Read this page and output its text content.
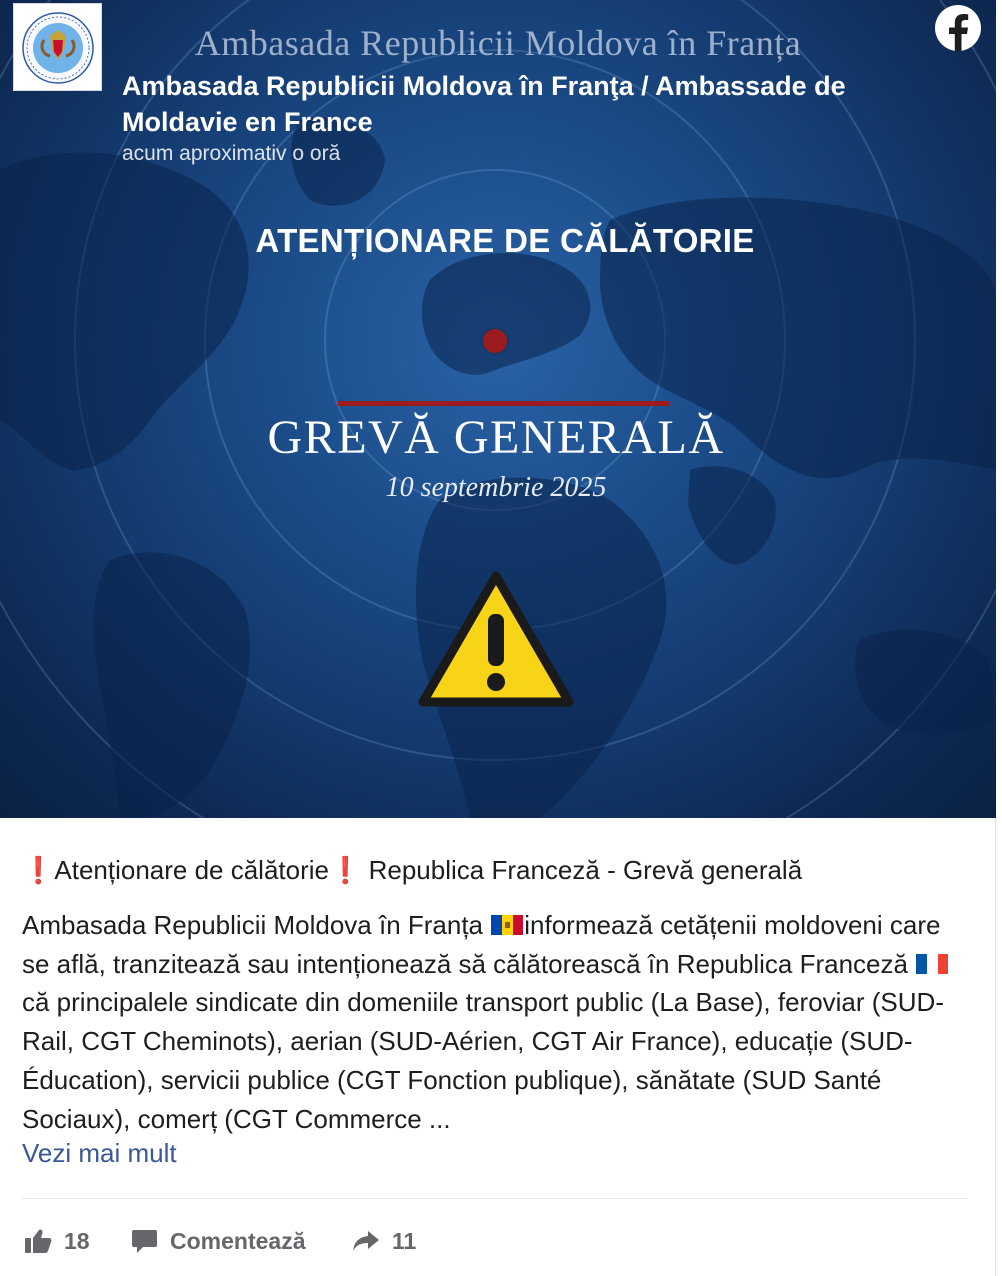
Ambasada Republicii Moldova în Franța
ATENȚIONARE DE CĂLĂTORIE
GREVĂ GENERALĂ
10 septembrie 2025
Ambasada Republicii Moldova în Franţa / Ambassade de Moldavie en France
acum aproximativ o oră
❗Atenționare de călătorie❗ Republica Franceză - Grevă generală
Ambasada Republicii Moldova în Franța informează cetățenii moldoveni care se află, tranzitează sau intenționează să călătorească în Republica Franceză  că principalele sindicate din domeniile transport public (La Base), feroviar (SUD-Rail, CGT Cheminots), aerian (SUD-Aérien, CGT Air France), educație (SUD-Éducation), servicii publice (CGT Fonction publique), sănătate (SUD Santé Sociaux), comerț (CGT Commerce ...
Vezi mai mult
18	Comentează	11
